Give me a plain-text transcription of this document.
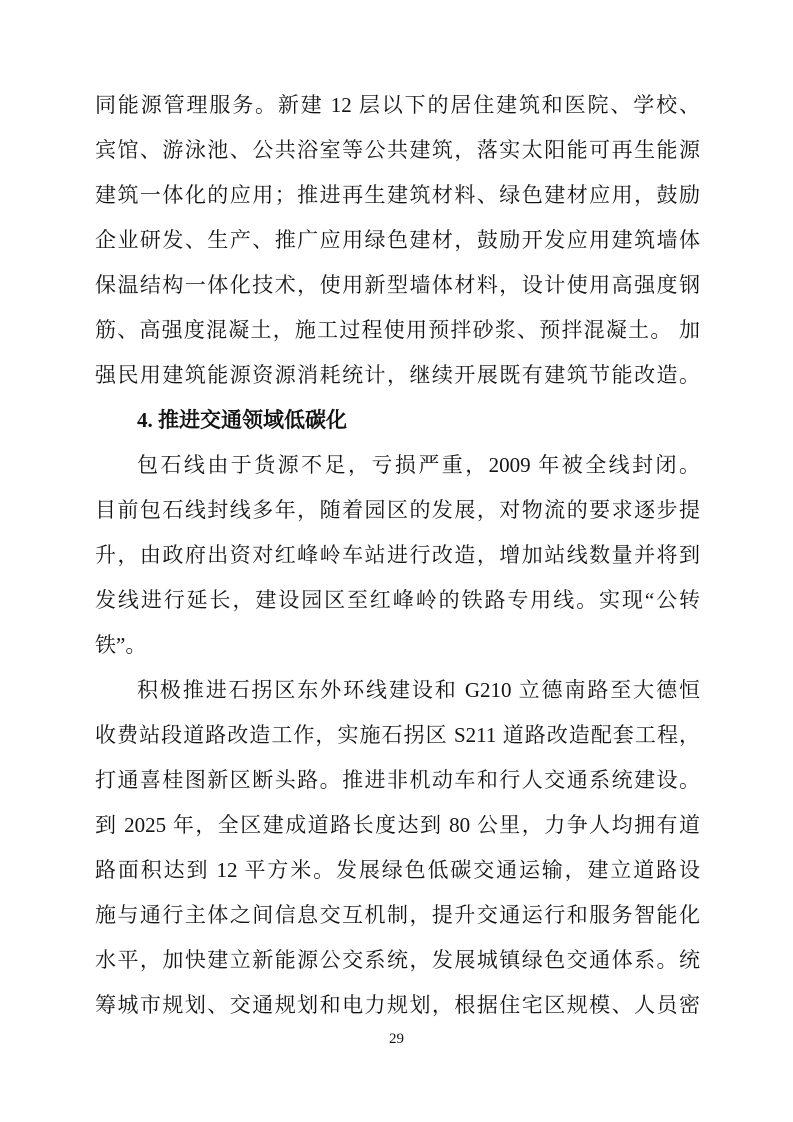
同能源管理服务。新建 12 层以下的居住建筑和医院、学校、
宾馆、游泳池、公共浴室等公共建筑，落实太阳能可再生能源
建筑一体化的应用；推进再生建筑材料、绿色建材应用，鼓励
企业研发、生产、推广应用绿色建材，鼓励开发应用建筑墙体
保温结构一体化技术，使用新型墙体材料，设计使用高强度钢
筋、高强度混凝土，施工过程使用预拌砂浆、预拌混凝土。 加
强民用建筑能源资源消耗统计，继续开展既有建筑节能改造。
4. 推进交通领域低碳化
包石线由于货源不足，亏损严重，2009 年被全线封闭。
目前包石线封线多年，随着园区的发展，对物流的要求逐步提
升，由政府出资对红峰岭车站进行改造，增加站线数量并将到
发线进行延长，建设园区至红峰岭的铁路专用线。实现“公转
铁”。
积极推进石拐区东外环线建设和 G210 立德南路至大德恒
收费站段道路改造工作，实施石拐区 S211 道路改造配套工程，
打通喜桂图新区断头路。推进非机动车和行人交通系统建设。
到 2025 年，全区建成道路长度达到 80 公里，力争人均拥有道
路面积达到 12 平方米。发展绿色低碳交通运输，建立道路设
施与通行主体之间信息交互机制，提升交通运行和服务智能化
水平，加快建立新能源公交系统，发展城镇绿色交通体系。统
筹城市规划、交通规划和电力规划，根据住宅区规模、人员密
29
